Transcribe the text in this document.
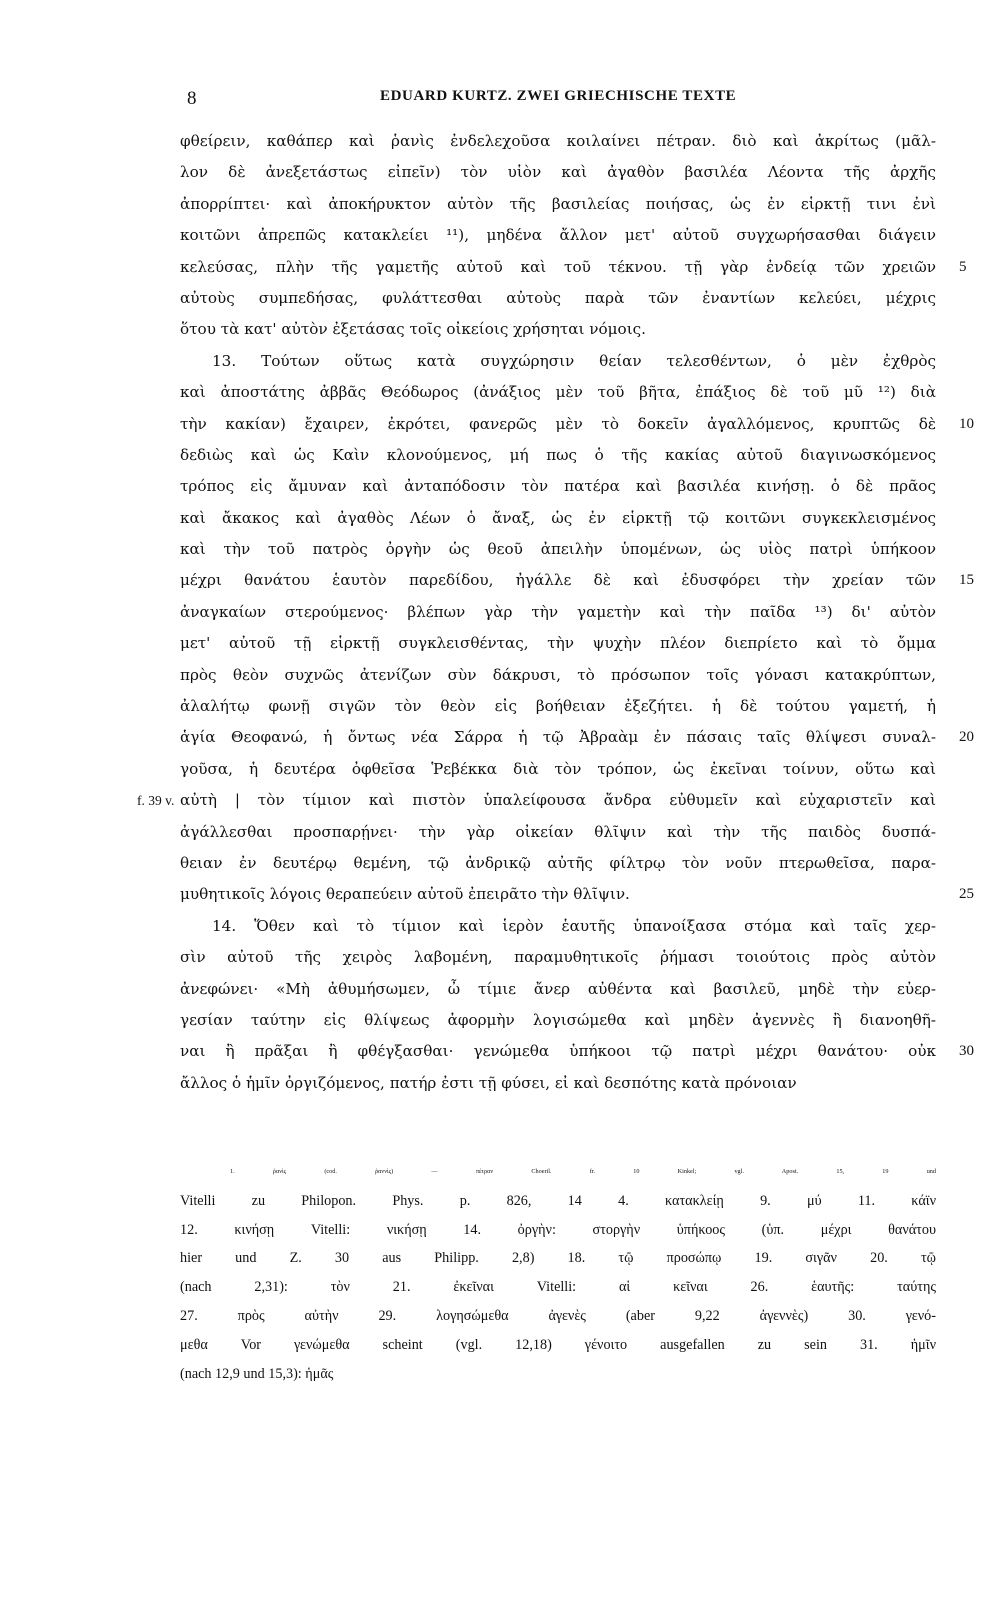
8	EDUARD KURTZ. ZWEI GRIECHISCHE TEXTE
φθείρειν, καθάπερ καὶ ῥανὶς ἐνδελεχοῦσα κοιλαίνει πέτραν. διὸ καὶ ἀκρίτως (μᾶλ-
λον δὲ ἀνεξετάστως εἰπεῖν) τὸν υἱὸν καὶ ἀγαθὸν βασιλέα Λέοντα τῆς ἀρχῆς
ἀπορρίπτει· καὶ ἀποκήρυκτον αὐτὸν τῆς βασιλείας ποιήσας, ὡς ἐν εἱρκτῇ τινι ἐνὶ
κοιτῶνι ἀπρεπῶς κατακλείει ¹¹), μηδένα ἄλλον μετ' αὐτοῦ συγχωρήσασθαι διάγειν
κελεύσας, πλὴν τῆς γαμετῆς αὐτοῦ καὶ τοῦ τέκνου. τῇ γὰρ ἐνδείᾳ τῶν χρειῶν 5
αὐτοὺς συμπεδήσας, φυλάττεσθαι αὐτοὺς παρὰ τῶν ἐναντίων κελεύει, μέχρις
ὅτου τὰ κατ' αὐτὸν ἐξετάσας τοῖς οἰκείοις χρήσηται νόμοις.
13. Τούτων οὕτως κατὰ συγχώρησιν θείαν τελεσθέντων, ὁ μὲν ἐχθρὸς
καὶ ἀποστάτης ἀββᾶς Θεόδωρος (ἀνάξιος μὲν τοῦ βῆτα, ἐπάξιος δὲ τοῦ μῦ ¹²) διὰ
τὴν κακίαν) ἔχαιρεν, ἐκρότει, φανερῶς μὲν τὸ δοκεῖν ἀγαλλόμενος, κρυπτῶς δὲ 10
δεδιὼς καὶ ὡς Καὶν κλονούμενος, μή πως ὁ τῆς κακίας αὐτοῦ διαγινωσκόμενος
τρόπος εἰς ἄμυναν καὶ ἀνταπόδοσιν τὸν πατέρα καὶ βασιλέα κινήσῃ. ὁ δὲ πρᾶος
καὶ ἄκακος καὶ ἀγαθὸς Λέων ὁ ἄναξ, ὡς ἐν εἱρκτῇ τῷ κοιτῶνι συγκεκλεισμένος
καὶ τὴν τοῦ πατρὸς ὀργὴν ὡς θεοῦ ἀπειλὴν ὑπομένων, ὡς υἱὸς πατρὶ ὑπήκοον
μέχρι θανάτου ἑαυτὸν παρεδίδου, ἠγάλλε δὲ καὶ ἐδυσφόρει τὴν χρείαν τῶν 15
ἀναγκαίων στερούμενος· βλέπων γὰρ τὴν γαμετὴν καὶ τὴν παῖδα ¹³) δι' αὐτὸν
μετ' αὐτοῦ τῇ εἱρκτῇ συγκλεισθέντας, τὴν ψυχὴν πλέον διεπρίετο καὶ τὸ ὄμμα
πρὸς θεὸν συχνῶς ἀτενίζων σὺν δάκρυσι, τὸ πρόσωπον τοῖς γόνασι κατακρύπτων,
ἀλαλήτῳ φωνῇ σιγῶν τὸν θεὸν εἰς βοήθειαν ἐξεζήτει. ἡ δὲ τούτου γαμετή, ἡ
ἁγία Θεοφανώ, ἡ ὄντως νέα Σάρρα ἡ τῷ Ἀβραὰμ ἐν πάσαις ταῖς θλίψεσι συναλ- 20
γοῦσα, ἡ δευτέρα ὀφθεῖσα Ῥεβέκκα διὰ τὸν τρόπον, ὡς ἐκεῖναι τοίνυν, οὕτω καὶ
αὐτὴ | τὸν τίμιον καὶ πιστὸν ὑπαλείφουσα ἄνδρα εὐθυμεῖν καὶ εὐχαριστεῖν καὶ
f. 39 v.
ἀγάλλεσθαι προσπαρῄνει· τὴν γὰρ οἰκείαν θλῖψιν καὶ τὴν τῆς παιδὸς δυσπά-
θειαν ἐν δευτέρῳ θεμένη, τῷ ἀνδρικῷ αὐτῆς φίλτρῳ τὸν νοῦν πτερωθεῖσα, παρα-
μυθητικοῖς λόγοις θεραπεύειν αὐτοῦ ἐπειρᾶτο τὴν θλῖψιν.	25
14. Ὅθεν καὶ τὸ τίμιον καὶ ἱερὸν ἑαυτῆς ὑπανοίξασα στόμα καὶ ταῖς χερ-
σὶν αὐτοῦ τῆς χειρὸς λαβομένη, παραμυθητικοῖς ῥήμασι τοιούτοις πρὸς αὐτὸν
ἀνεφώνει· «Μὴ ἀθυμήσωμεν, ὦ τίμιε ἄνερ αὐθέντα καὶ βασιλεῦ, μηδὲ τὴν εὐερ-
γεσίαν ταύτην εἰς θλίψεως ἀφορμὴν λογισώμεθα καὶ μηδὲν ἀγεννὲς ἢ διανοηθῆ-
ναι ἢ πρᾶξαι ἢ φθέγξασθαι· γενώμεθα ὑπήκοοι τῷ πατρὶ μέχρι θανάτου· οὐκ 30
ἄλλος ὁ ἡμῖν ὀργιζόμενος, πατήρ ἐστι τῇ φύσει, εἰ καὶ δεσπότης κατὰ πρόνοιαν
1. ῥανὶς (cod. ῥαννὶς) — πέτραν Choeril. fr. 10 Kinkel; vgl. Apost. 15, 19 und
Vitelli zu Philopon. Phys. p. 826, 14 4. κατακλείῃ 9. μύ 11. κάϊν
12. κινήσῃ Vitelli: νικήσῃ 14. ὀργὴν: στοργὴν ὑπήκοος (ὑπ. μέχρι θανάτου
hier und Z. 30 aus Philipp. 2,8) 18. τῷ προσώπῳ 19. σιγᾶν 20. τῷ
(nach 2,31): τὸν 21. ἐκεῖναι Vitelli: αἱ κεῖναι 26. ἑαυτῆς: ταύτης
27. πρὸς αὐτὴν 29. λογησώμεθα ἀγενὲς (aber 9,22 ἀγεννὲς) 30. γενό-
μεθα Vor γενώμεθα scheint (vgl. 12,18) γένοιτο ausgefallen zu sein 31. ἡμῖν
(nach 12,9 und 15,3): ἡμᾶς
